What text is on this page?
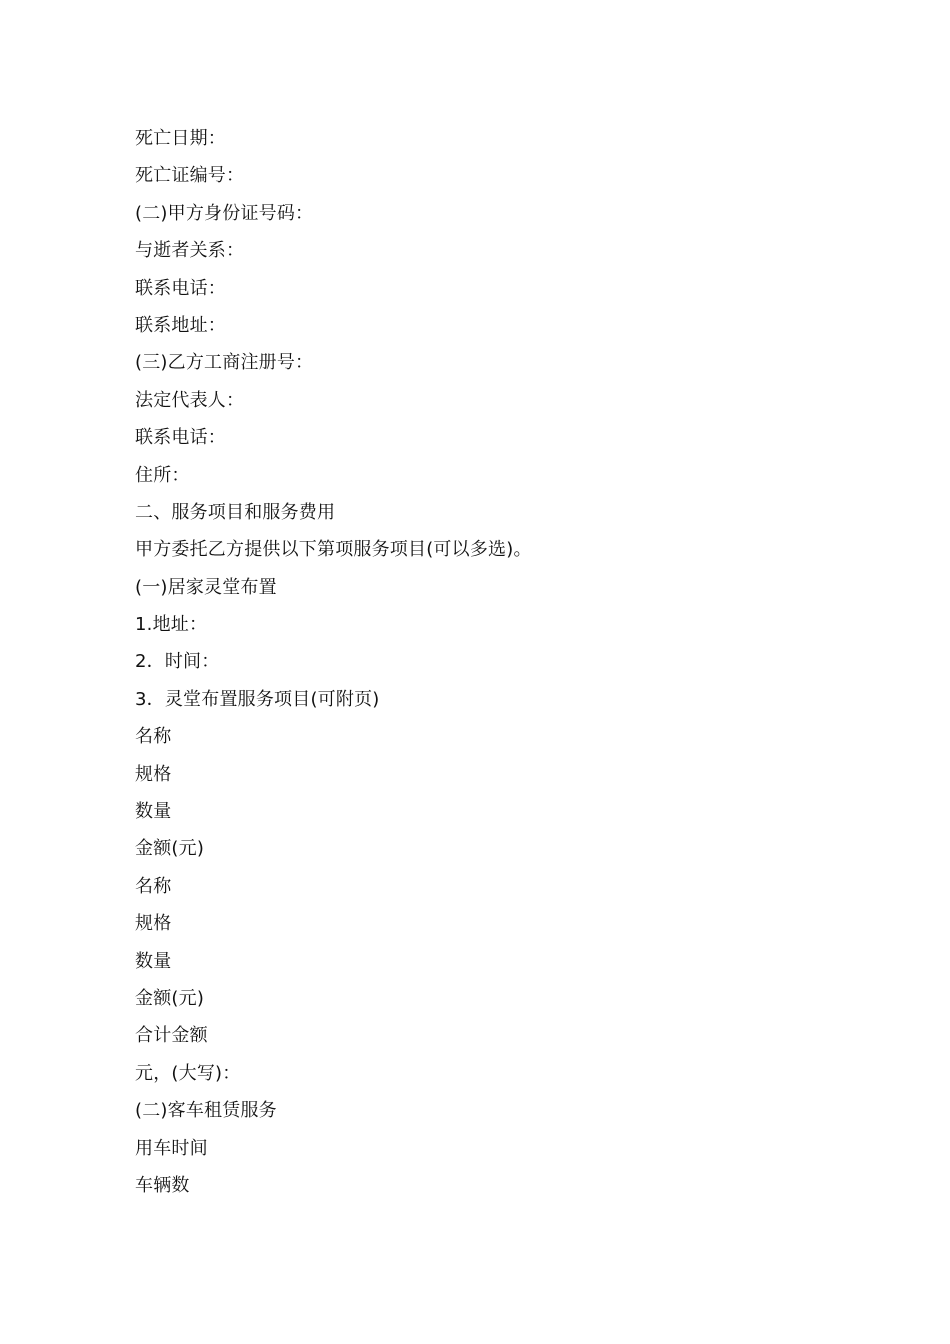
死亡日期：
死亡证编号：
(二)甲方身份证号码：
与逝者关系：
联系电话：
联系地址：
(三)乙方工商注册号：
法定代表人：
联系电话：
住所：
二、服务项目和服务费用
甲方委托乙方提供以下第项服务项目(可以多选)。
(一)居家灵堂布置
1.地址：
2．时间：
3．灵堂布置服务项目(可附页)
名称
规格
数量
金额(元)
名称
规格
数量
金额(元)
合计金额
元，(大写)：
(二)客车租赁服务
用车时间
车辆数
